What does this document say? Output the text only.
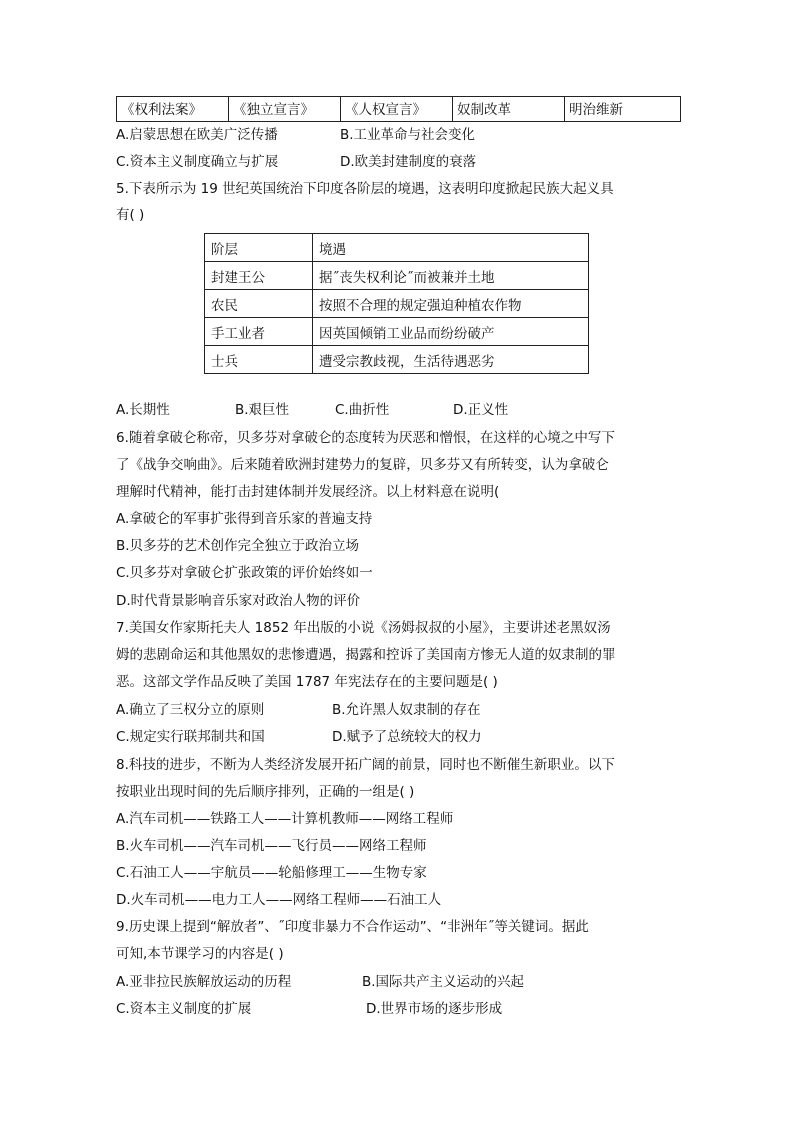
《权利法案》	《独立宣言》	《人权宣言》	奴制改革	明治维新
A.启蒙思想在欧美广泛传播	B.工业革命与社会变化
C.资本主义制度确立与扩展	D.欧美封建制度的衰落
5.下表所示为 19 世纪英国统治下印度各阶层的境遇，这表明印度掀起民族大起义具
有( )
阶层	境遇
封建王公	据˝丧失权利论˝而被兼并土地
农民	按照不合理的规定强迫种植农作物
手工业者	因英国倾销工业品而纷纷破产
士兵	遭受宗教歧视，生活待遇恶劣
A.长期性	B.艰巨性	C.曲折性	D.正义性
6.随着拿破仑称帝，贝多芬对拿破仑的态度转为厌恶和憎恨，在这样的心境之中写下
了《战争交响曲》。后来随着欧洲封建势力的复辟，贝多芬又有所转变，认为拿破仑
理解时代精神，能打击封建体制并发展经济。以上材料意在说明(
A.拿破仑的军事扩张得到音乐家的普遍支持
B.贝多芬的艺术创作完全独立于政治立场
C.贝多芬对拿破仑扩张政策的评价始终如一
D.时代背景影响音乐家对政治人物的评价
7.美国女作家斯托夫人 1852 年出版的小说《汤姆叔叔的小屋》，主要讲述老黑奴汤
姆的悲剧命运和其他黑奴的悲惨遭遇，揭露和控诉了美国南方惨无人道的奴隶制的罪
恶。这部文学作品反映了美国 1787 年宪法存在的主要问题是( )
A.确立了三权分立的原则	B.允许黑人奴隶制的存在
C.规定实行联邦制共和国	D.赋予了总统较大的权力
8.科技的进步，不断为人类经济发展开拓广阔的前景，同时也不断催生新职业。以下
按职业出现时间的先后顺序排列，正确的一组是( )
A.汽车司机——铁路工人——计算机教师——网络工程师
B.火车司机——汽车司机——飞行员——网络工程师
C.石油工人——宇航员——轮船修理工——生物专家
D.火车司机——电力工人——网络工程师——石油工人
9.历史课上提到“解放者”、˝印度非暴力不合作运动”、“非洲年˝等关键词。据此
可知,本节课学习的内容是( )
A.亚非拉民族解放运动的历程	B.国际共产主义运动的兴起
C.资本主义制度的扩展	D.世界市场的逐步形成
